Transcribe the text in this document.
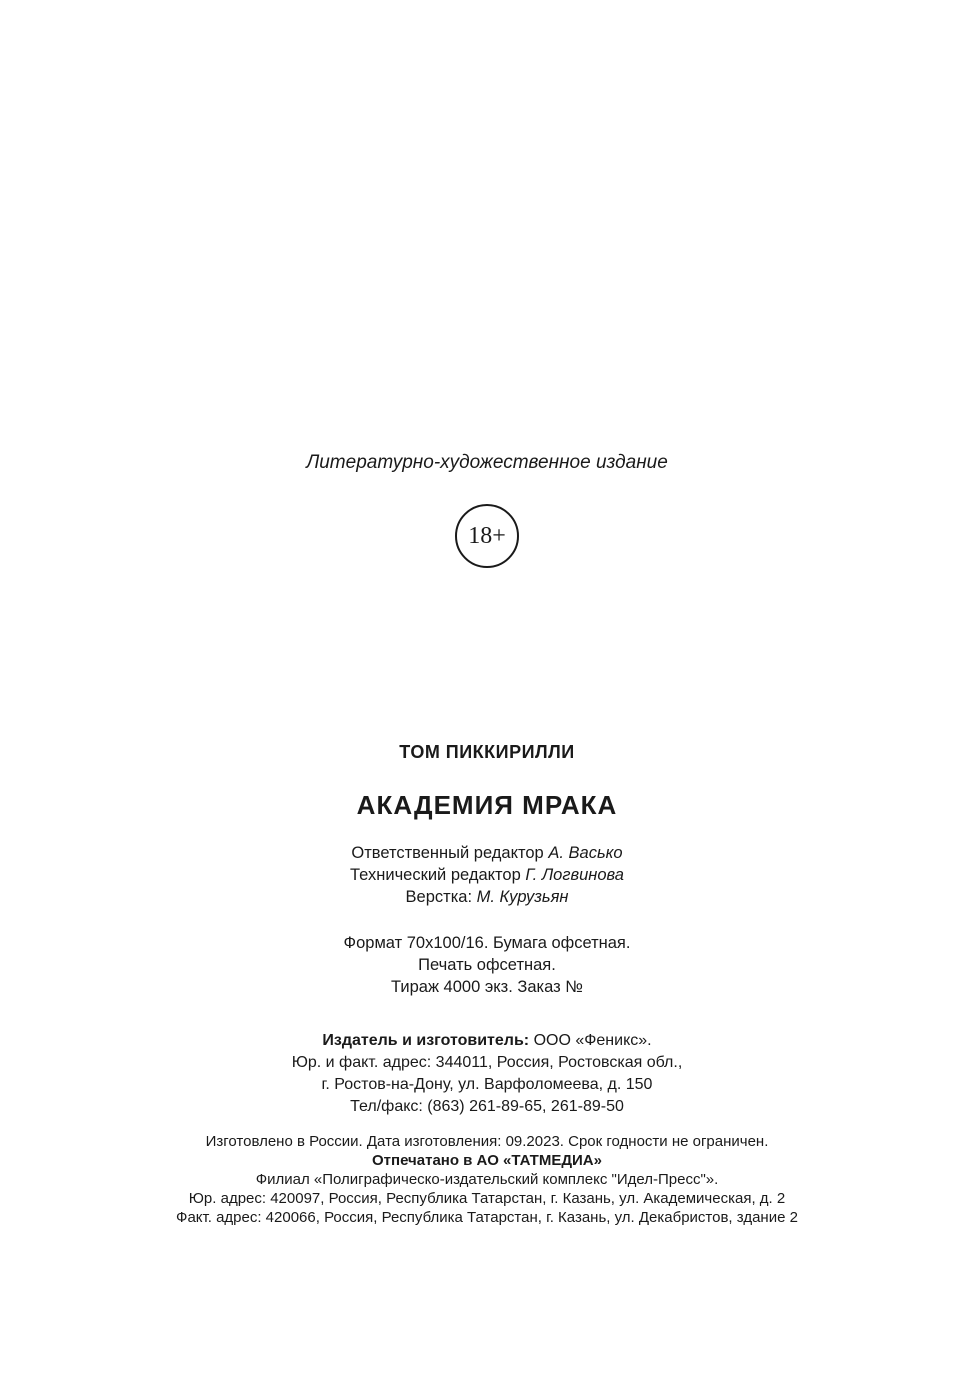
Литературно-художественное издание
18+
ТОМ ПИККИРИЛЛИ
АКАДЕМИЯ МРАКА
Ответственный редактор А. Васько
Технический редактор Г. Логвинова
Верстка: М. Курузьян
Формат 70x100/16. Бумага офсетная.
Печать офсетная.
Тираж 4000 экз. Заказ №
Издатель и изготовитель: ООО «Феникс».
Юр. и факт. адрес: 344011, Россия, Ростовская обл.,
г. Ростов-на-Дону, ул. Варфоломеева, д. 150
Тел/факс: (863) 261-89-65, 261-89-50
Изготовлено в России. Дата изготовления: 09.2023. Срок годности не ограничен.
Отпечатано в АО «ТАТМЕДИА»
Филиал «Полиграфическо-издательский комплекс "Идел-Пресс"».
Юр. адрес: 420097, Россия, Республика Татарстан, г. Казань, ул. Академическая, д. 2
Факт. адрес: 420066, Россия, Республика Татарстан, г. Казань, ул. Декабристов, здание 2
